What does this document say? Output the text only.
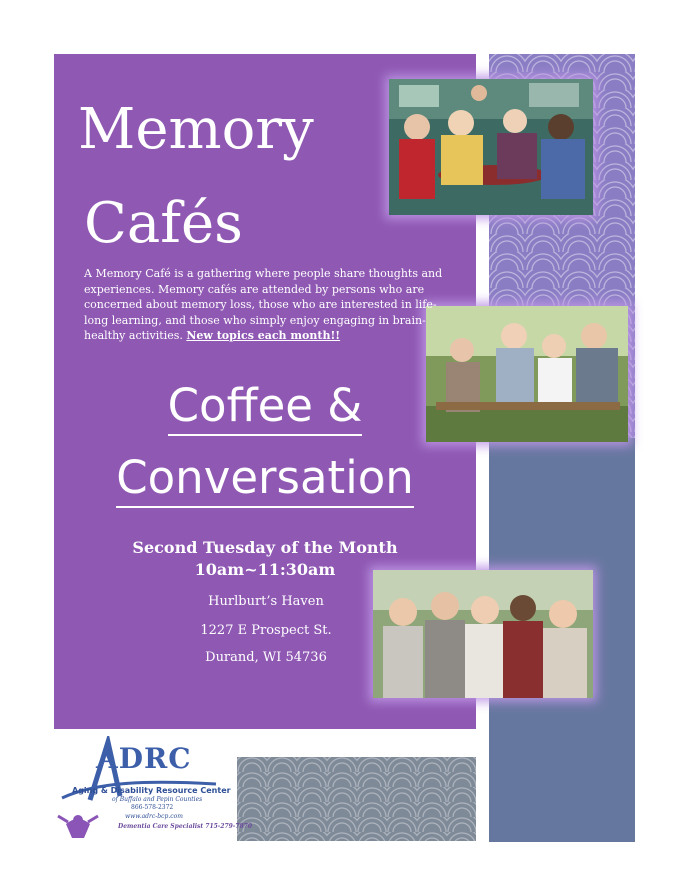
Memory
Cafés
A Memory Café is a gathering where people share thoughts and experiences. Memory cafés are attended by persons who are concerned about memory loss, those who are interested in life-long learning, and those who simply enjoy engaging in brain-healthy activities. New topics each month!!
Coffee &
Conversation
Second Tuesday of the Month
10am~11:30am
Hurlburt’s Haven
1227 E Prospect St.
Durand, WI 54736
ADRC
Aging & Disability Resource Center
of Buffalo and Pepin Counties
866-578-2372
www.adrc-bcp.com
Dementia Care Specialist 715-279-7870
